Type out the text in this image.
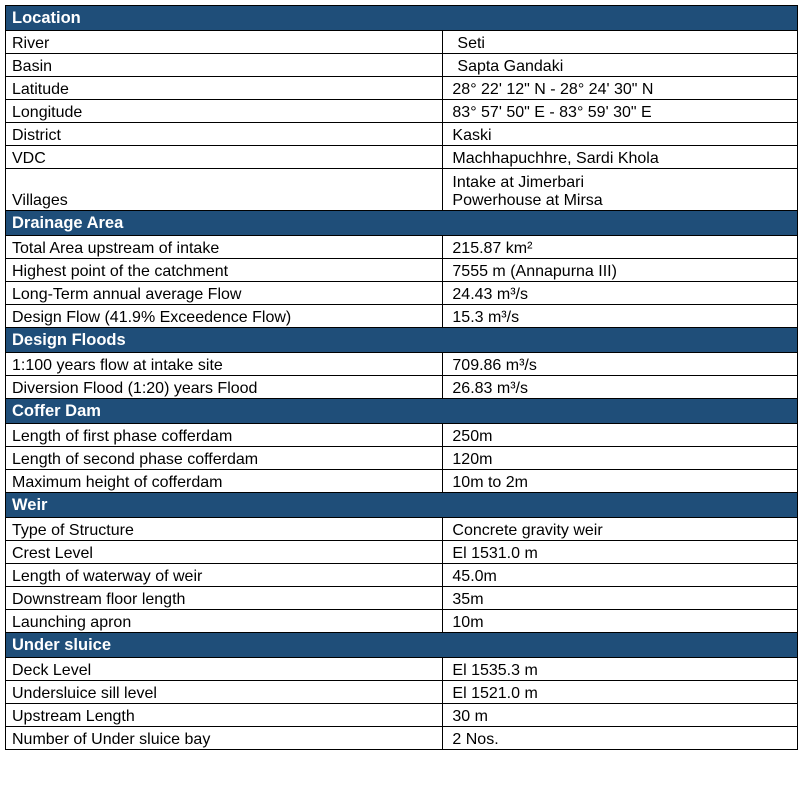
Location	
River	Seti

Basin	Sapta Gandaki

Latitude	28° 22' 12" N - 28° 24' 30" N

Longitude	83° 57' 50" E - 83° 59' 30" E

District	Kaski

VDC	Machhapuchhre, Sardi Khola

Villages	Intake at Jimerbari
Powerhouse at Mirsa

Drainage Area	
Total Area upstream of intake	215.87 km²

Highest point of the catchment	7555 m (Annapurna III)

Long-Term annual average Flow	24.43 m³/s

Design Flow (41.9% Exceedence Flow)	15.3 m³/s

Design Floods	
1:100 years flow at intake site	709.86 m³/s

Diversion Flood (1:20) years Flood	26.83 m³/s

Coffer Dam	
Length of first phase cofferdam	250m

Length of second phase cofferdam	120m

Maximum height of cofferdam	10m to 2m

Weir	
Type of Structure	Concrete gravity weir

Crest Level	El 1531.0 m

Length of waterway of weir	45.0m

Downstream floor length	35m

Launching apron	10m

Under sluice	
Deck Level	El 1535.3 m

Undersluice sill level	El 1521.0 m

Upstream Length	30 m

Number of Under sluice bay	2 Nos.
